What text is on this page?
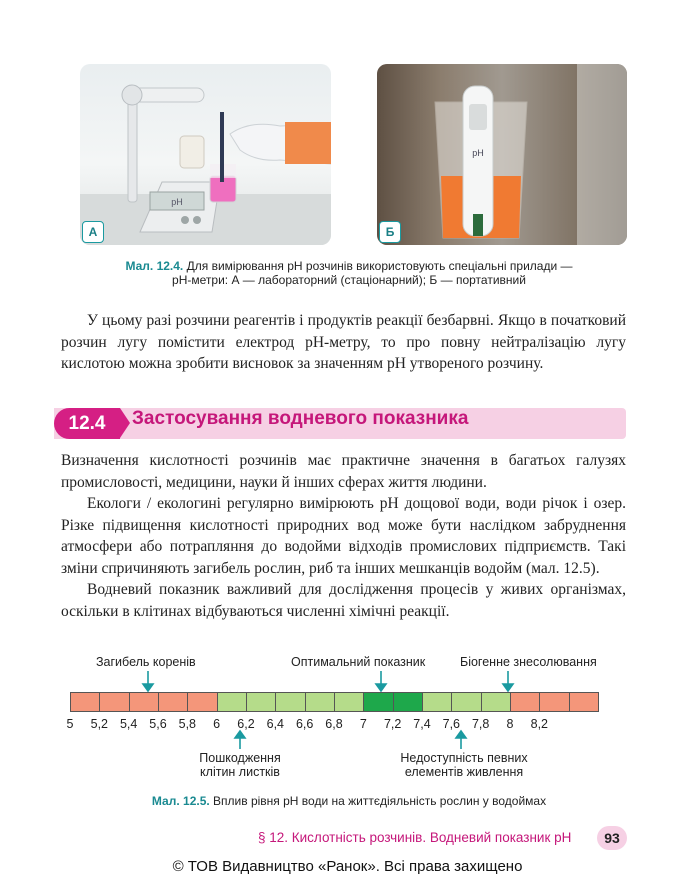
pH
А
pH
Б
Мал. 12.4. Для вимірювання pH розчинів використовують спеціальні прилади —
pH-метри: А — лабораторний (стаціонарний); Б — портативний

У цьому разі розчини реагентів і продуктів реакції безбарвні. Якщо в початковий розчин лугу помістити електрод pH-метру, то про повну нейтралізацію лугу кислотою можна зробити висновок за значенням pH утвореного розчину.

12.4	Застосування водневого показника

Визначення кислотності розчинів має практичне значення в багатьох галузях промисловості, медицини, науки й інших сферах життя людини.

Екологи / екологині регулярно вимірюють pH дощової води, води річок і озер. Різке підвищення кислотності природних вод може бути наслідком забруднення атмосфери або потрапляння до водойми відходів промислових підприємств. Такі зміни спричиняють загибель рослин, риб та інших мешканців водойм (мал. 12.5).

Водневий показник важливий для дослідження процесів у живих організмах, оскільки в клітинах відбуваються численні хімічні реакції.

Загибель коренів	Оптимальний показник	Біогенне знесолювання
5 5,2 5,4 5,6 5,8 6 6,2 6,4 6,6 6,8 7 7,2 7,4 7,6 7,8 8 8,2
Пошкодження
клітин листків
Недоступність певних
елементів живлення
Мал. 12.5. Вплив рівня pH води на життєдіяльність рослин у водоймах
§ 12. Кислотність розчинів. Водневий показник pH	93
© ТОВ Видавництво «Ранок». Всі права захищено
